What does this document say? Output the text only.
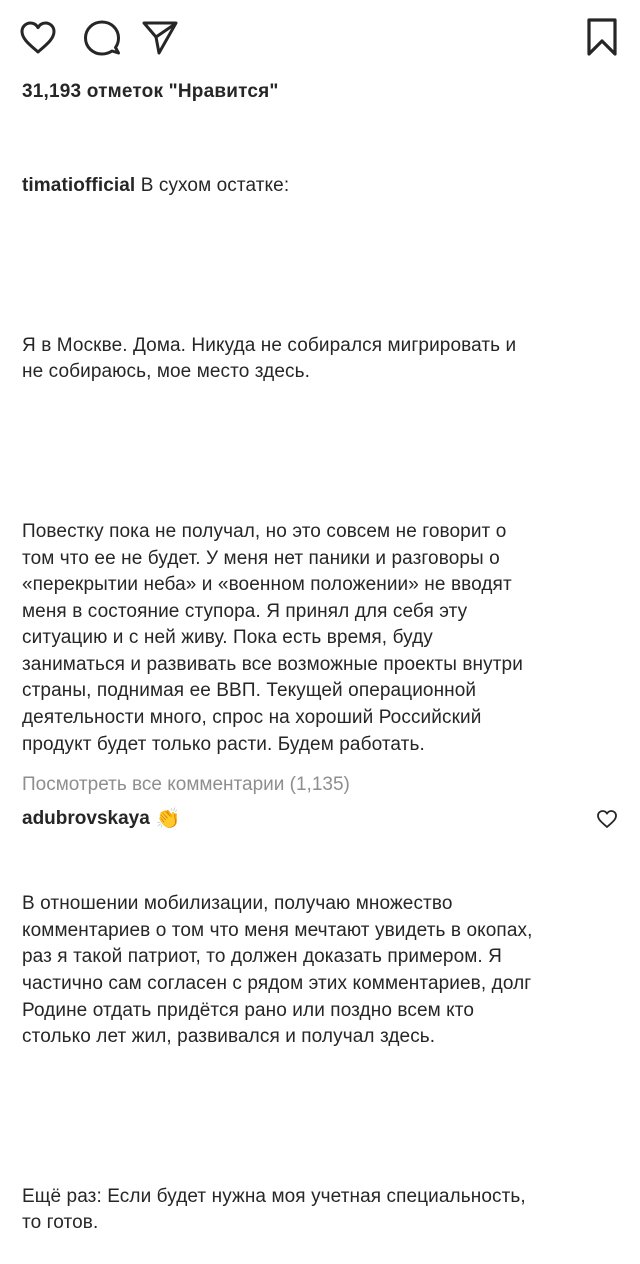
31,193 отметок "Нравится"

timatiofficial В сухом остатке:

Я в Москве. Дома. Никуда не собирался мигрировать и
не собираюсь, мое место здесь.

Повестку пока не получал, но это совсем не говорит о
том что ее не будет. У меня нет паники и разговоры о
«перекрытии неба» и «военном положении» не вводят
меня в состояние ступора. Я принял для себя эту
ситуацию и с ней живу. Пока есть время, буду
заниматься и развивать все возможные проекты внутри
страны, поднимая ее ВВП. Текущей операционной
деятельности много, спрос на хороший Российский
продукт будет только расти. Будем работать.

В отношении мобилизации, получаю множество
комментариев о том что меня мечтают увидеть в окопах,
раз я такой патриот, то должен доказать примером. Я
частично сам согласен с рядом этих комментариев, долг
Родине отдать придётся рано или поздно всем кто
столько лет жил, развивался и получал здесь.

Ещё раз: Если будет нужна моя учетная специальность,
то готов.

Посмотреть все комментарии (1,135)
adubrovskaya 👏
